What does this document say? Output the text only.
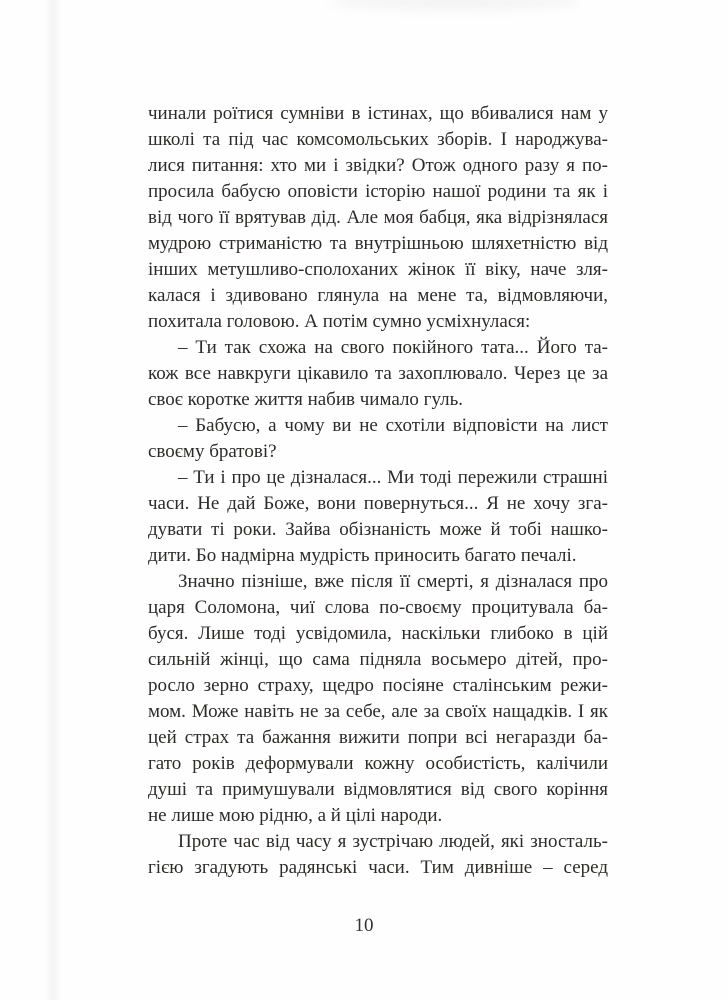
чинали роїтися сумніви в істинах, що вбивалися нам у
школі та під час комсомольських зборів. І народжува-
лися питання: хто ми і звідки? Отож одного разу я по-
просила бабусю оповісти історію нашої родини та як і
від чого її врятував дід. Але моя бабця, яка відрізнялася
мудрою стриманістю та внутрішньою шляхетністю від
інших метушливо-сполоханих жінок її віку, наче зля-
калася і здивовано глянула на мене та, відмовляючи,
похитала головою. А потім сумно усміхнулася:
– Ти так схожа на свого покійного тата... Його та-
кож все навкруги цікавило та захоплювало. Через це за
своє коротке життя набив чимало гуль.
– Бабусю, а чому ви не схотіли відповісти на лист
своєму братові?
– Ти і про це дізналася... Ми тоді пережили страшні
часи. Не дай Боже, вони повернуться... Я не хочу зга-
дувати ті роки. Зайва обізнаність може й тобі нашко-
дити. Бо надмірна мудрість приносить багато печалі.
Значно пізніше, вже після її смерті, я дізналася про
царя Соломона, чиї слова по-своєму процитувала ба-
буся. Лише тоді усвідомила, наскільки глибоко в цій
сильній жінці, що сама підняла восьмеро дітей, про-
росло зерно страху, щедро посіяне сталінським режи-
мом. Може навіть не за себе, але за своїх нащадків. І як
цей страх та бажання вижити попри всі негаразди ба-
гато років деформували кожну особистість, калічили
душі та примушували відмовлятися від свого коріння
не лише мою рідню, а й цілі народи.
Проте час від часу я зустрічаю людей, які зносталь-
гією згадують радянські часи. Тим дивніше – серед
10
